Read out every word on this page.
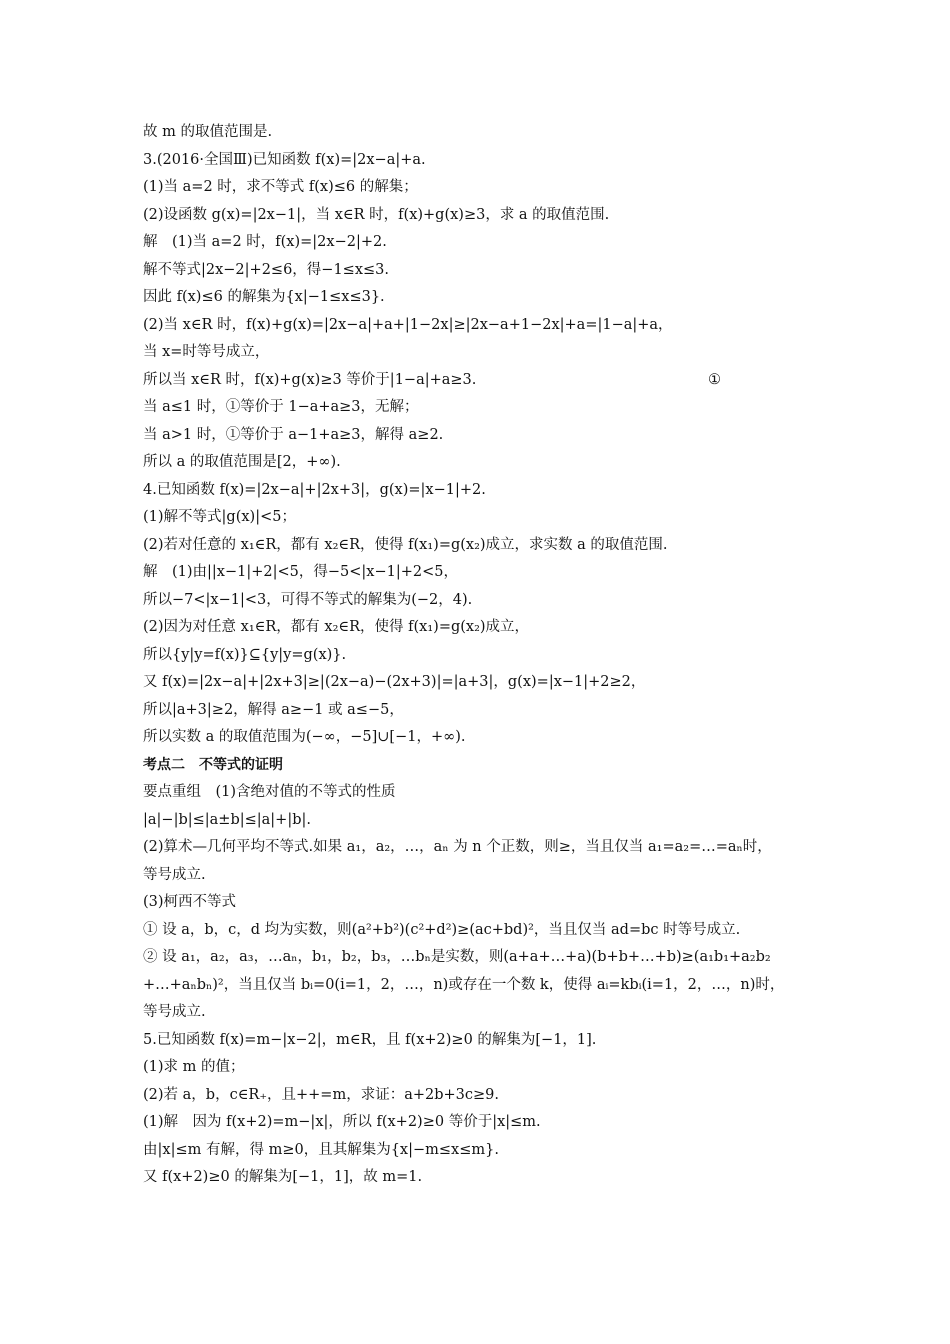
故 m 的取值范围是.
3.(2016·全国Ⅲ)已知函数 f(x)=|2x−a|+a.
(1)当 a=2 时，求不等式 f(x)≤6 的解集；
(2)设函数 g(x)=|2x−1|，当 x∈R 时，f(x)+g(x)≥3，求 a 的取值范围.
解　(1)当 a=2 时，f(x)=|2x−2|+2.
解不等式|2x−2|+2≤6，得−1≤x≤3.
因此 f(x)≤6 的解集为{x|−1≤x≤3}.
(2)当 x∈R 时，f(x)+g(x)=|2x−a|+a+|1−2x|≥|2x−a+1−2x|+a=|1−a|+a，
当 x=时等号成立，
所以当 x∈R 时，f(x)+g(x)≥3 等价于|1−a|+a≥3.	①
当 a≤1 时，①等价于 1−a+a≥3，无解；
当 a>1 时，①等价于 a−1+a≥3，解得 a≥2.
所以 a 的取值范围是[2，+∞).
4.已知函数 f(x)=|2x−a|+|2x+3|，g(x)=|x−1|+2.
(1)解不等式|g(x)|<5；
(2)若对任意的 x₁∈R，都有 x₂∈R，使得 f(x₁)=g(x₂)成立，求实数 a 的取值范围.
解　(1)由||x−1|+2|<5，得−5<|x−1|+2<5，
所以−7<|x−1|<3，可得不等式的解集为(−2，4).
(2)因为对任意 x₁∈R，都有 x₂∈R，使得 f(x₁)=g(x₂)成立，
所以{y|y=f(x)}⊆{y|y=g(x)}.
又 f(x)=|2x−a|+|2x+3|≥|(2x−a)−(2x+3)|=|a+3|，g(x)=|x−1|+2≥2，
所以|a+3|≥2，解得 a≥−1 或 a≤−5，
所以实数 a 的取值范围为(−∞，−5]∪[−1，+∞).
考点二　不等式的证明
要点重组　(1)含绝对值的不等式的性质
|a|−|b|≤|a±b|≤|a|+|b|.
(2)算术—几何平均不等式.如果 a₁，a₂，…，aₙ 为 n 个正数，则≥，当且仅当 a₁=a₂=…=aₙ时，
等号成立.
(3)柯西不等式
① 设 a，b，c，d 均为实数，则(a²+b²)(c²+d²)≥(ac+bd)²，当且仅当 ad=bc 时等号成立.
② 设 a₁，a₂，a₃，…aₙ，b₁，b₂，b₃，…bₙ是实数，则(a+a+…+a)(b+b+…+b)≥(a₁b₁+a₂b₂
+…+aₙbₙ)²，当且仅当 bᵢ=0(i=1，2，…，n)或存在一个数 k，使得 aᵢ=kbᵢ(i=1，2，…，n)时，
等号成立.
5.已知函数 f(x)=m−|x−2|，m∈R，且 f(x+2)≥0 的解集为[−1，1].
(1)求 m 的值；
(2)若 a，b，c∈R₊，且++=m，求证：a+2b+3c≥9.
(1)解　因为 f(x+2)=m−|x|，所以 f(x+2)≥0 等价于|x|≤m.
由|x|≤m 有解，得 m≥0，且其解集为{x|−m≤x≤m}.
又 f(x+2)≥0 的解集为[−1，1]，故 m=1.
